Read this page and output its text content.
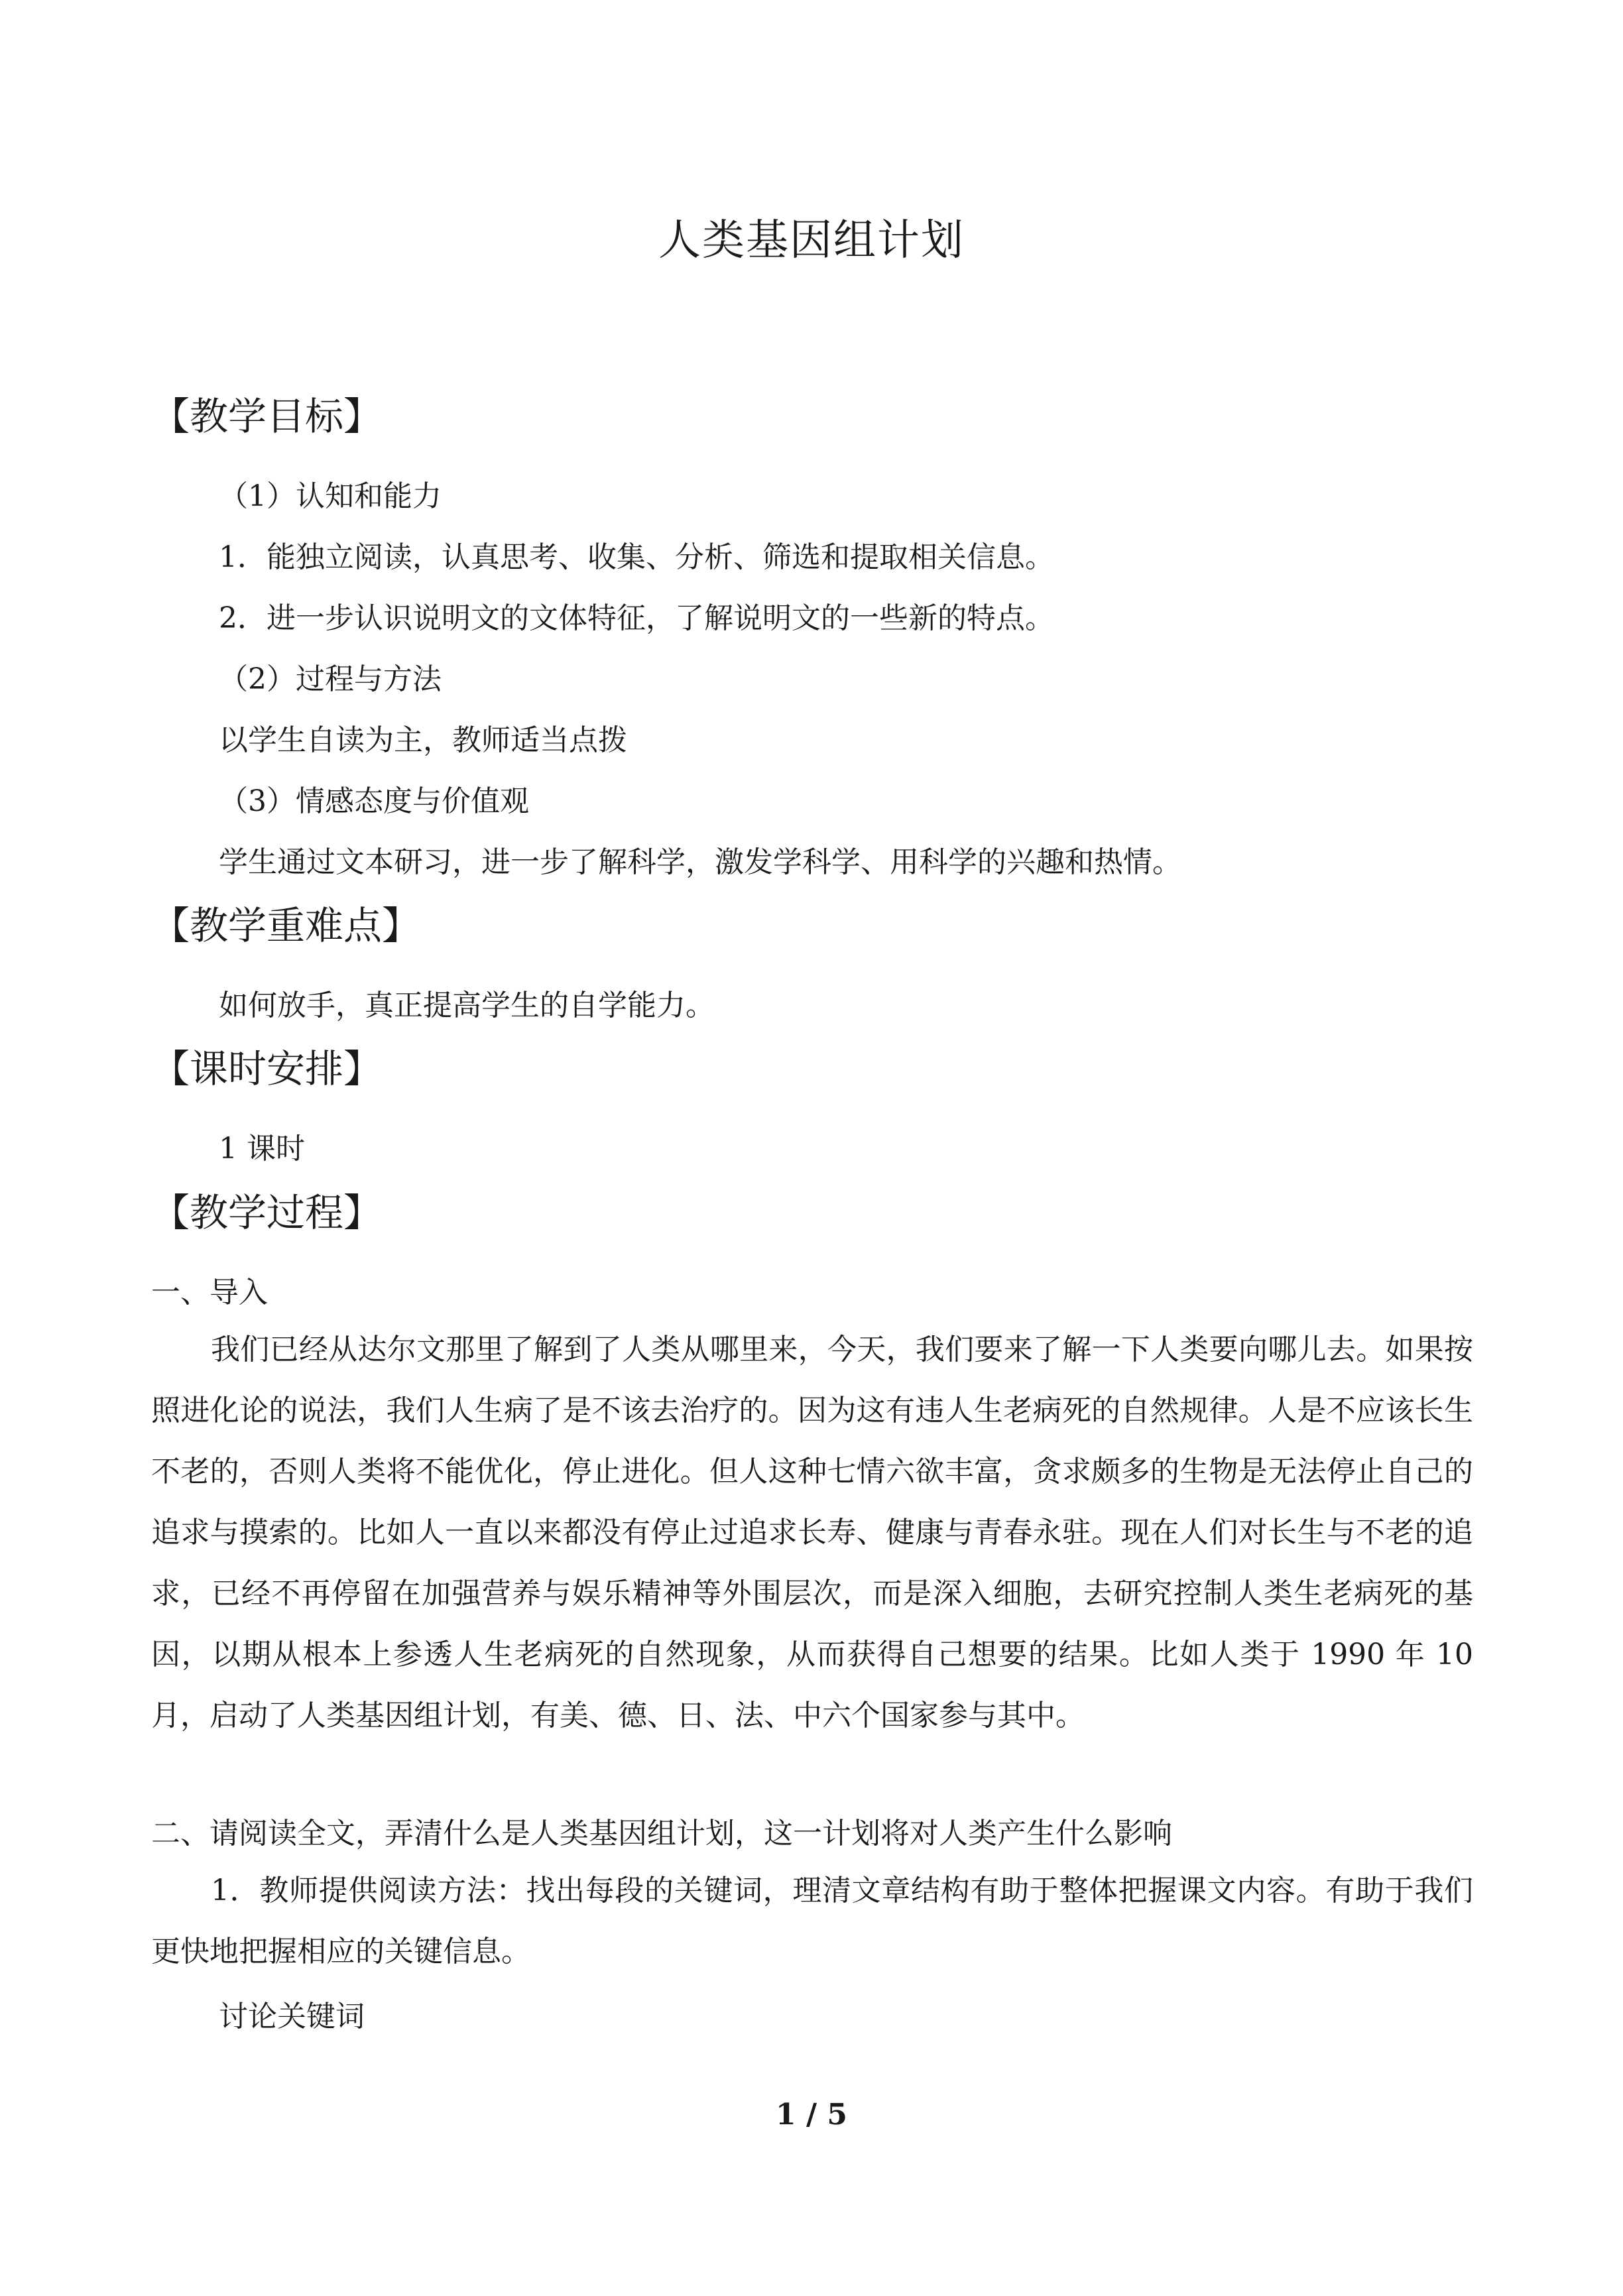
人类基因组计划
【教学目标】
（1）认知和能力
1．能独立阅读，认真思考、收集、分析、筛选和提取相关信息。
2．进一步认识说明文的文体特征，了解说明文的一些新的特点。
（2）过程与方法
以学生自读为主，教师适当点拨
（3）情感态度与价值观
学生通过文本研习，进一步了解科学，激发学科学、用科学的兴趣和热情。
【教学重难点】
如何放手，真正提高学生的自学能力。
【课时安排】
1 课时
【教学过程】
一、导入
我们已经从达尔文那里了解到了人类从哪里来，今天，我们要来了解一下人类要向哪儿去。如果按照进化论的说法，我们人生病了是不该去治疗的。因为这有违人生老病死的自然规律。人是不应该长生不老的，否则人类将不能优化，停止进化。但人这种七情六欲丰富，贪求颇多的生物是无法停止自己的追求与摸索的。比如人一直以来都没有停止过追求长寿、健康与青春永驻。现在人们对长生与不老的追求，已经不再停留在加强营养与娱乐精神等外围层次，而是深入细胞，去研究控制人类生老病死的基因，以期从根本上参透人生老病死的自然现象，从而获得自己想要的结果。比如人类于 1990 年 10 月，启动了人类基因组计划，有美、德、日、法、中六个国家参与其中。
二、请阅读全文，弄清什么是人类基因组计划，这一计划将对人类产生什么影响
1．教师提供阅读方法：找出每段的关键词，理清文章结构有助于整体把握课文内容。有助于我们更快地把握相应的关键信息。
讨论关键词
1 / 5
